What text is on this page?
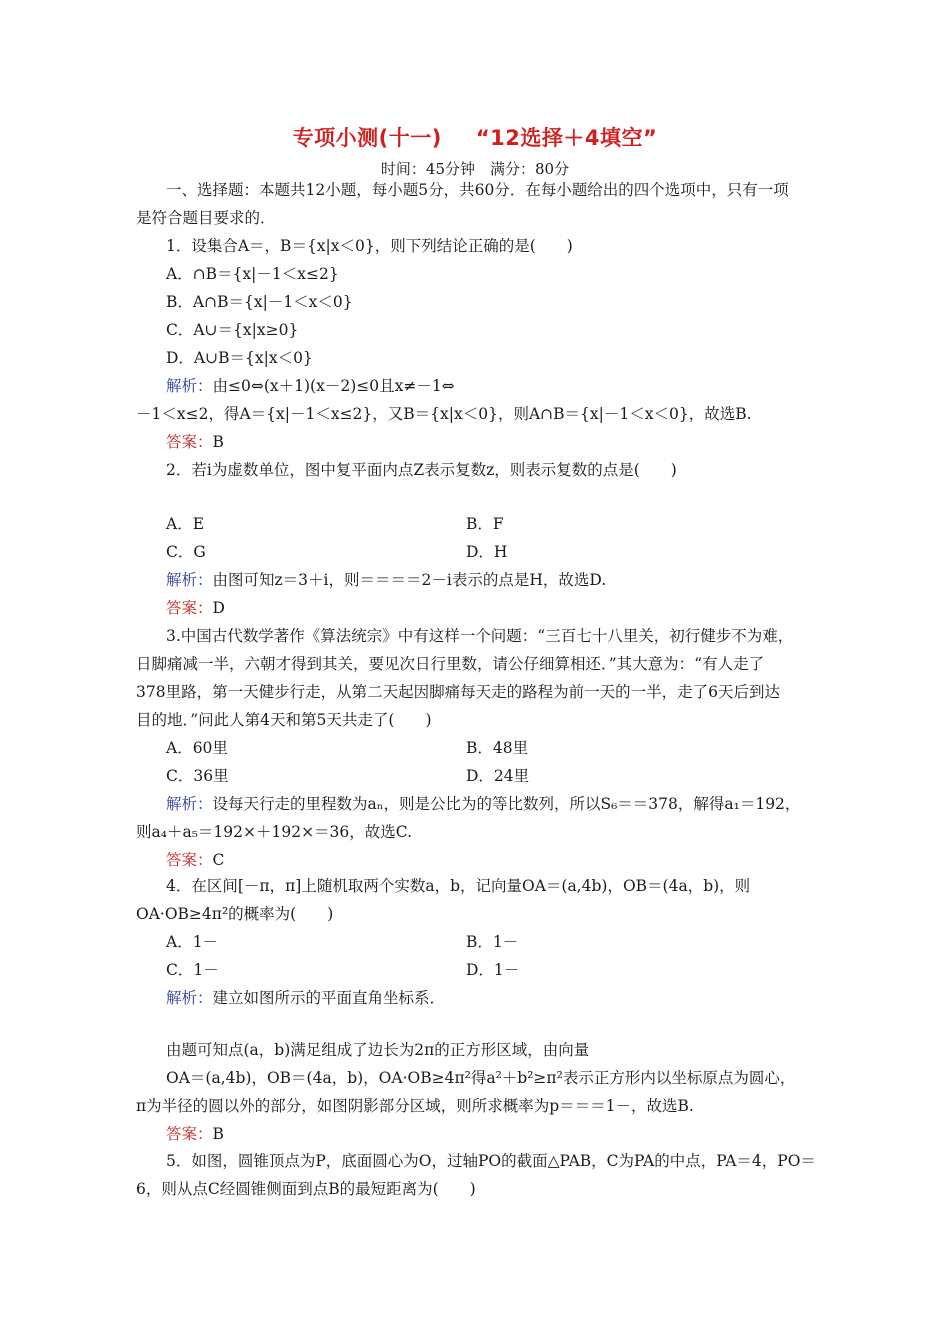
专项小测(十一) “12选择＋4填空”
时间：45分钟　满分：80分
一、选择题：本题共12小题，每小题5分，共60分．在每小题给出的四个选项中，只有一项
是符合题目要求的．
1．设集合A＝，B＝{x|x＜0}，则下列结论正确的是(　　)
A．∩B＝{x|－1＜x≤2}
B．A∩B＝{x|－1＜x＜0}
C．A∪＝{x|x≥0}
D．A∪B＝{x|x＜0}
解析：由≤0⇔(x＋1)(x－2)≤0且x≠－1⇔
－1＜x≤2，得A＝{x|－1＜x≤2}，又B＝{x|x＜0}，则A∩B＝{x|－1＜x＜0}，故选B.
答案：B
2．若i为虚数单位，图中复平面内点Z表示复数z，则表示复数的点是(　　)
A．E	B．F
C．G	D．H
解析：由图可知z＝3＋i，则＝＝＝＝2－i表示的点是H，故选D.
答案：D
3.中国古代数学著作《算法统宗》中有这样一个问题：“三百七十八里关，初行健步不为难，
日脚痛减一半，六朝才得到其关，要见次日行里数，请公仔细算相还．”其大意为：“有人走了
378里路，第一天健步行走，从第二天起因脚痛每天走的路程为前一天的一半，走了6天后到达
目的地．”问此人第4天和第5天共走了(　　)
A．60里	B．48里
C．36里	D．24里
解析：设每天行走的里程数为aₙ，则是公比为的等比数列，所以S₆＝＝378，解得a₁＝192，
则a₄＋a₅＝192×＋192×＝36，故选C.
答案：C
4．在区间[－π，π]上随机取两个实数a，b，记向量OA＝(a,4b)，OB＝(4a，b)，则
OA·OB≥4π²的概率为(　　)
A．1－	B．1－
C．1－	D．1－
解析：建立如图所示的平面直角坐标系．
由题可知点(a，b)满足组成了边长为2π的正方形区域，由向量
OA＝(a,4b)，OB＝(4a，b)，OA·OB≥4π²得a²＋b²≥π²表示正方形内以坐标原点为圆心，
π为半径的圆以外的部分，如图阴影部分区域，则所求概率为p＝＝＝1－，故选B.
答案：B
5．如图，圆锥顶点为P，底面圆心为O，过轴PO的截面△PAB，C为PA的中点，PA＝4，PO＝
6，则从点C经圆锥侧面到点B的最短距离为(　　)
